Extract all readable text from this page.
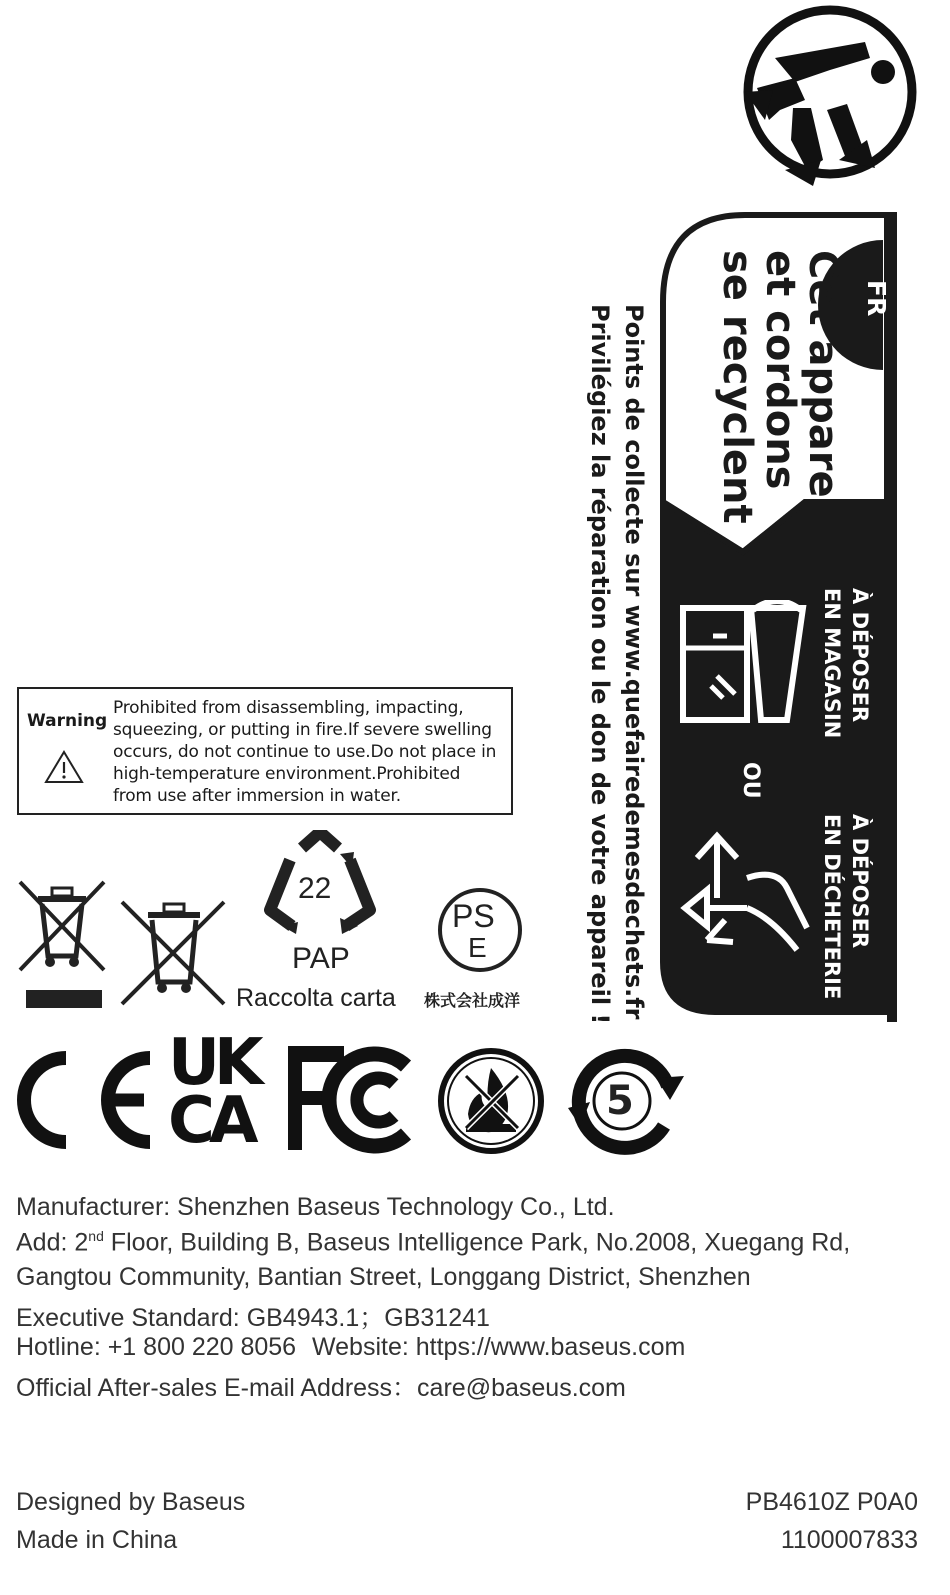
FR
Cet appareil
et cordons
se recyclent
À DÉPOSER
EN MAGASIN
OU
À DÉPOSER
EN DÉCHETERIE
Points de collecte sur www.quefairedemesdechets.fr
Privilégiez la réparation ou le don de votre appareil !
Warning
Prohibited from disassembling, impacting,
squeezing, or putting in fire.If severe swelling
occurs, do not continue to use.Do not place in
high-temperature environment.Prohibited
from use after immersion in water.
22
PAP
Raccolta carta
PS
E
株式会社成洋
UK
CA	5
Manufacturer: Shenzhen Baseus Technology Co., Ltd.
Add: 2nd Floor, Building B, Baseus Intelligence Park, No.2008, Xuegang Rd,
Gangtou Community, Bantian Street, Longgang District, Shenzhen
Executive Standard: GB4943.1；GB31241
Hotline: +1 800 220 8056 Website: https://www.baseus.com
Official After-sales E-mail Address：care@baseus.com
Designed by Baseus
Made in China
PB4610Z P0A0
1100007833
